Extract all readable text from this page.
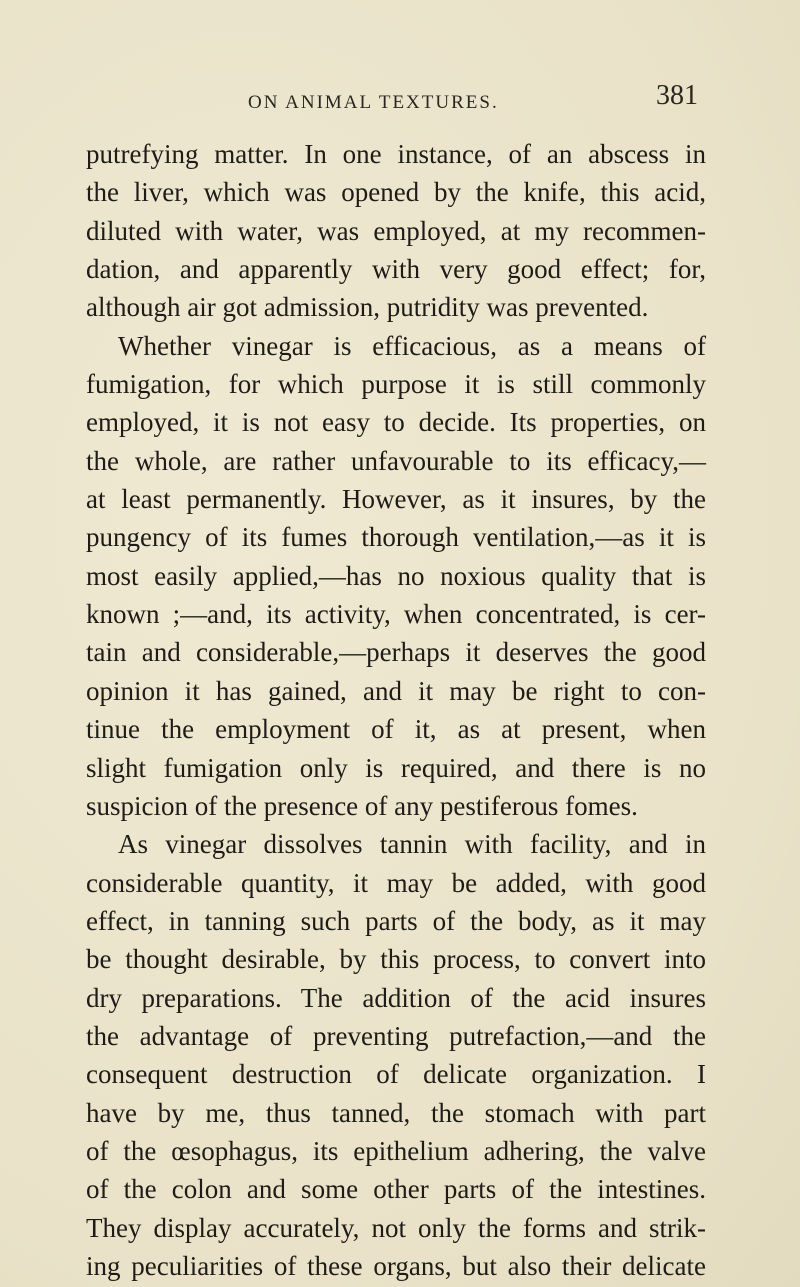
ON ANIMAL TEXTURES.	381
putrefying matter. In one instance, of an abscess in
the liver, which was opened by the knife, this acid,
diluted with water, was employed, at my recommen-
dation, and apparently with very good effect; for,
although air got admission, putridity was prevented.
Whether vinegar is efficacious, as a means of
fumigation, for which purpose it is still commonly
employed, it is not easy to decide. Its properties, on
the whole, are rather unfavourable to its efficacy,—
at least permanently. However, as it insures, by the
pungency of its fumes thorough ventilation,—as it is
most easily applied,—has no noxious quality that is
known ;—and, its activity, when concentrated, is cer-
tain and considerable,—perhaps it deserves the good
opinion it has gained, and it may be right to con-
tinue the employment of it, as at present, when
slight fumigation only is required, and there is no
suspicion of the presence of any pestiferous fomes.
As vinegar dissolves tannin with facility, and in
considerable quantity, it may be added, with good
effect, in tanning such parts of the body, as it may
be thought desirable, by this process, to convert into
dry preparations. The addition of the acid insures
the advantage of preventing putrefaction,—and the
consequent destruction of delicate organization. I
have by me, thus tanned, the stomach with part
of the œsophagus, its epithelium adhering, the valve
of the colon and some other parts of the intestines.
They display accurately, not only the forms and strik-
ing peculiarities of these organs, but also their delicate
